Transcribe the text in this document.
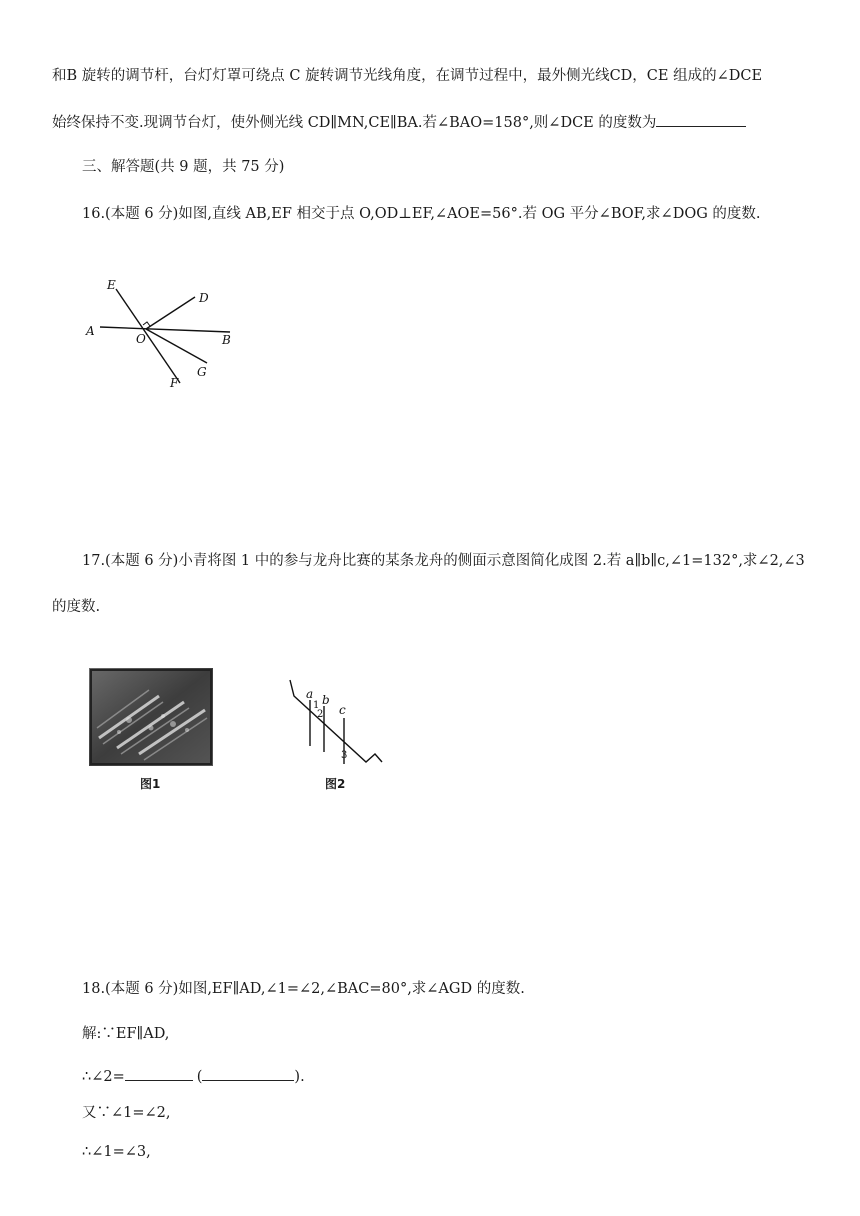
和B 旋转的调节杆，台灯灯罩可绕点 C 旋转调节光线角度，在调节过程中，最外侧光线CD，CE 组成的∠DCE
始终保持不变.现调节台灯，使外侧光线 CD∥MN,CE∥BA.若∠BAO=158°,则∠DCE 的度数为
三、解答题(共 9 题，共 75 分)
16.(本题 6 分)如图,直线 AB,EF 相交于点 O,OD⊥EF,∠AOE=56°.若 OG 平分∠BOF,求∠DOG 的度数.
E
D
A
O	B
G
F
17.(本题 6 分)小青将图 1 中的参与龙舟比赛的某条龙舟的侧面示意图简化成图 2.若 a∥b∥c,∠1=132°,求∠2,∠3
的度数.
图1
a b
c
1
2
3
图2
18.(本题 6 分)如图,EF∥AD,∠1=∠2,∠BAC=80°,求∠AGD 的度数.
解:∵EF∥AD,
∴∠2=	(	).
又∵∠1=∠2,
∴∠1=∠3,
